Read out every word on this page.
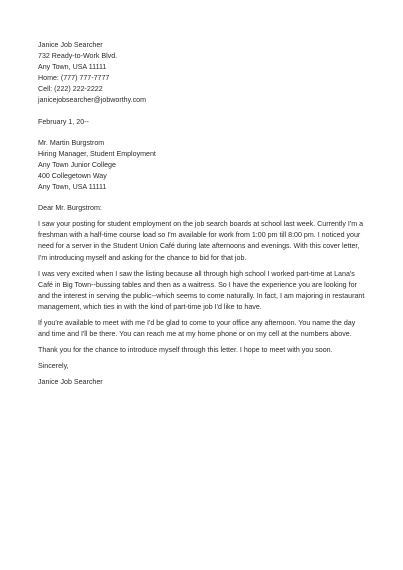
Janice Job Searcher
732 Ready-to-Work Blvd.
Any Town, USA 11111
Home: (777) 777-7777
Cell: (222) 222-2222
janicejobsearcher@jobworthy.com
February 1, 20--
Mr. Martin Burgstrom
Hiring Manager, Student Employment
Any Town Junior College
400 Collegetown Way
Any Town, USA 11111
Dear Mr. Burgstrom:
I saw your posting for student employment on the job search boards at school last week. Currently I'm a
freshman with a half-time course load so I'm available for work from 1:00 pm till 8:00 pm. I noticed your
need for a server in the Student Union Café during late afternoons and evenings. With this cover letter,
I'm introducing myself and asking for the chance to bid for that job.
I was very excited when I saw the listing because all through high school I worked part-time at Lana's
Café in Big Town--bussing tables and then as a waitress. So I have the experience you are looking for
and the interest in serving the public--which seems to come naturally. In fact, I am majoring in restaurant
management, which ties in with the kind of part-time job I'd like to have.
If you're available to meet with me I'd be glad to come to your office any afternoon. You name the day
and time and I'll be there. You can reach me at my home phone or on my cell at the numbers above.
Thank you for the chance to introduce myself through this letter. I hope to meet with you soon.
Sincerely,
Janice Job Searcher
